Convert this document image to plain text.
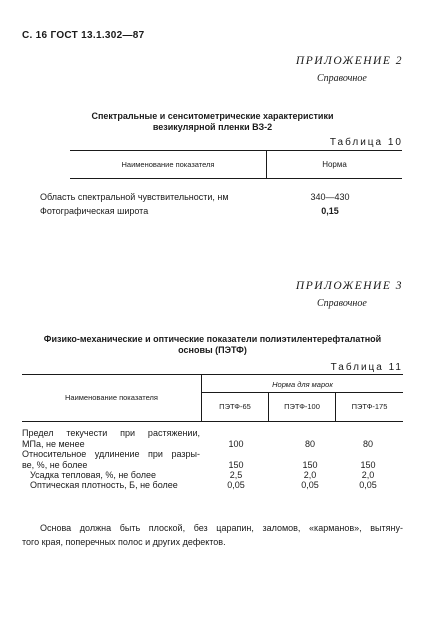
С. 16 ГОСТ 13.1.302—87
ПРИЛОЖЕНИЕ 2
Справочное
Спектральные и сенситометрические характеристики
везикулярной пленки ВЗ-2
Таблица 10
Наименование показателя	Норма
Область спектральной чувствительности, нм	340—430
Фотографическая широта	0,15
ПРИЛОЖЕНИЕ 3
Справочное
Физико-механические и оптические показатели полиэтилентерефталатной
основы (ПЭТФ)
Таблица 11
Наименование показателя
Норма для марок
ПЭТФ-65	ПЭТФ-100	ПЭТФ-175
Предел текучести при растяжении,
МПа, не менее	100	80	80
Относительное удлинение при разры-
ве, %, не более	150	150	150
Усадка тепловая, %, не более	2,5	2,0	2,0
Оптическая плотность, Б, не более	0,05	0,05	0,05
Основа должна быть плоской, без царапин, заломов, «карманов», вытяну-
того края, поперечных полос и других дефектов.
